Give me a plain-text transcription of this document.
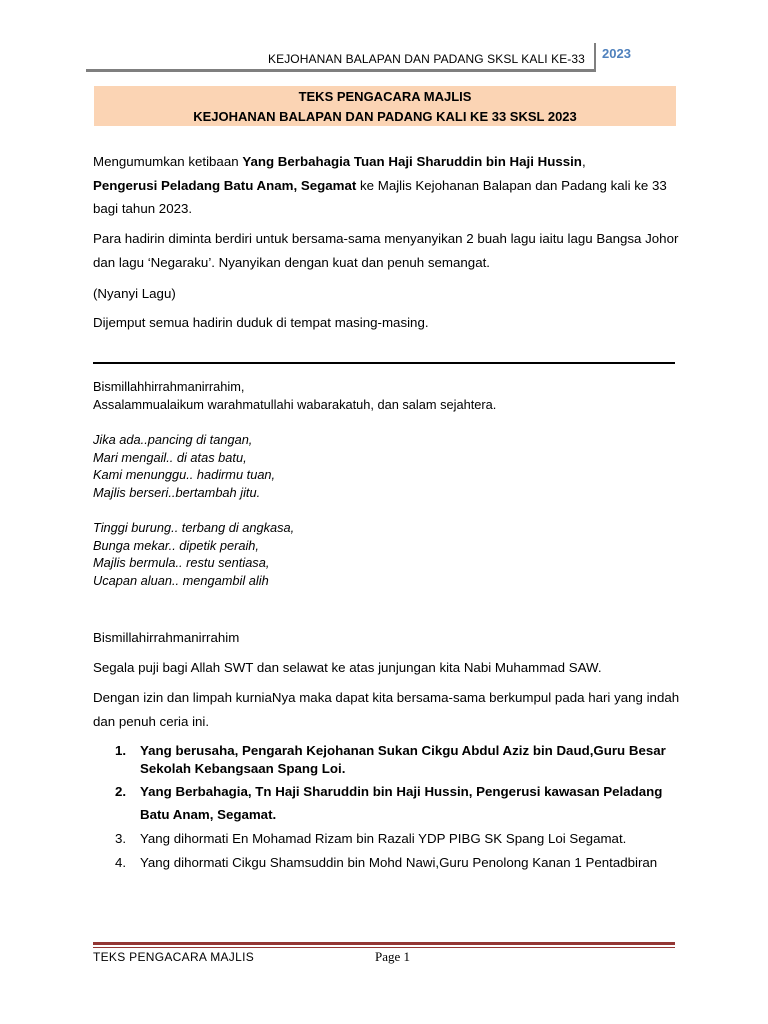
KEJOHANAN BALAPAN DAN PADANG SKSL KALI KE-33 2023
TEKS PENGACARA MAJLIS
KEJOHANAN BALAPAN DAN PADANG KALI KE 33 SKSL 2023
Mengumumkan ketibaan Yang Berbahagia Tuan Haji Sharuddin bin Haji Hussin,
Pengerusi Peladang Batu Anam, Segamat ke Majlis Kejohanan Balapan dan Padang kali ke 33 bagi tahun 2023.
Para hadirin diminta berdiri untuk bersama-sama menyanyikan 2 buah lagu iaitu lagu Bangsa Johor dan lagu ‘Negaraku’. Nyanyikan dengan kuat dan penuh semangat.
(Nyanyi Lagu)
Dijemput semua hadirin duduk di tempat masing-masing.
Bismillahhirrahmanirrahim,
Assalammualaikum warahmatullahi wabarakatuh, dan salam sejahtera.
Jika ada..pancing di tangan,
Mari mengail.. di atas batu,
Kami menunggu.. hadirmu tuan,
Majlis berseri..bertambah jitu.
Tinggi burung.. terbang di angkasa,
Bunga mekar.. dipetik peraih,
Majlis bermula.. restu sentiasa,
Ucapan aluan.. mengambil alih
Bismillahirrahmanirrahim
Segala puji bagi Allah SWT dan selawat ke atas junjungan kita Nabi Muhammad SAW.
Dengan izin dan limpah kurniaNya maka dapat kita bersama-sama berkumpul pada hari yang indah dan penuh ceria ini.
1. Yang berusaha, Pengarah Kejohanan Sukan Cikgu Abdul Aziz bin Daud,Guru Besar Sekolah Kebangsaan Spang Loi.
2. Yang Berbahagia, Tn Haji Sharuddin bin Haji Hussin, Pengerusi kawasan Peladang Batu Anam, Segamat.
3. Yang dihormati En Mohamad Rizam bin Razali YDP PIBG SK Spang Loi Segamat.
4. Yang dihormati Cikgu Shamsuddin bin Mohd Nawi,Guru Penolong Kanan 1 Pentadbiran
TEKS PENGACARA MAJLIS	Page 1
